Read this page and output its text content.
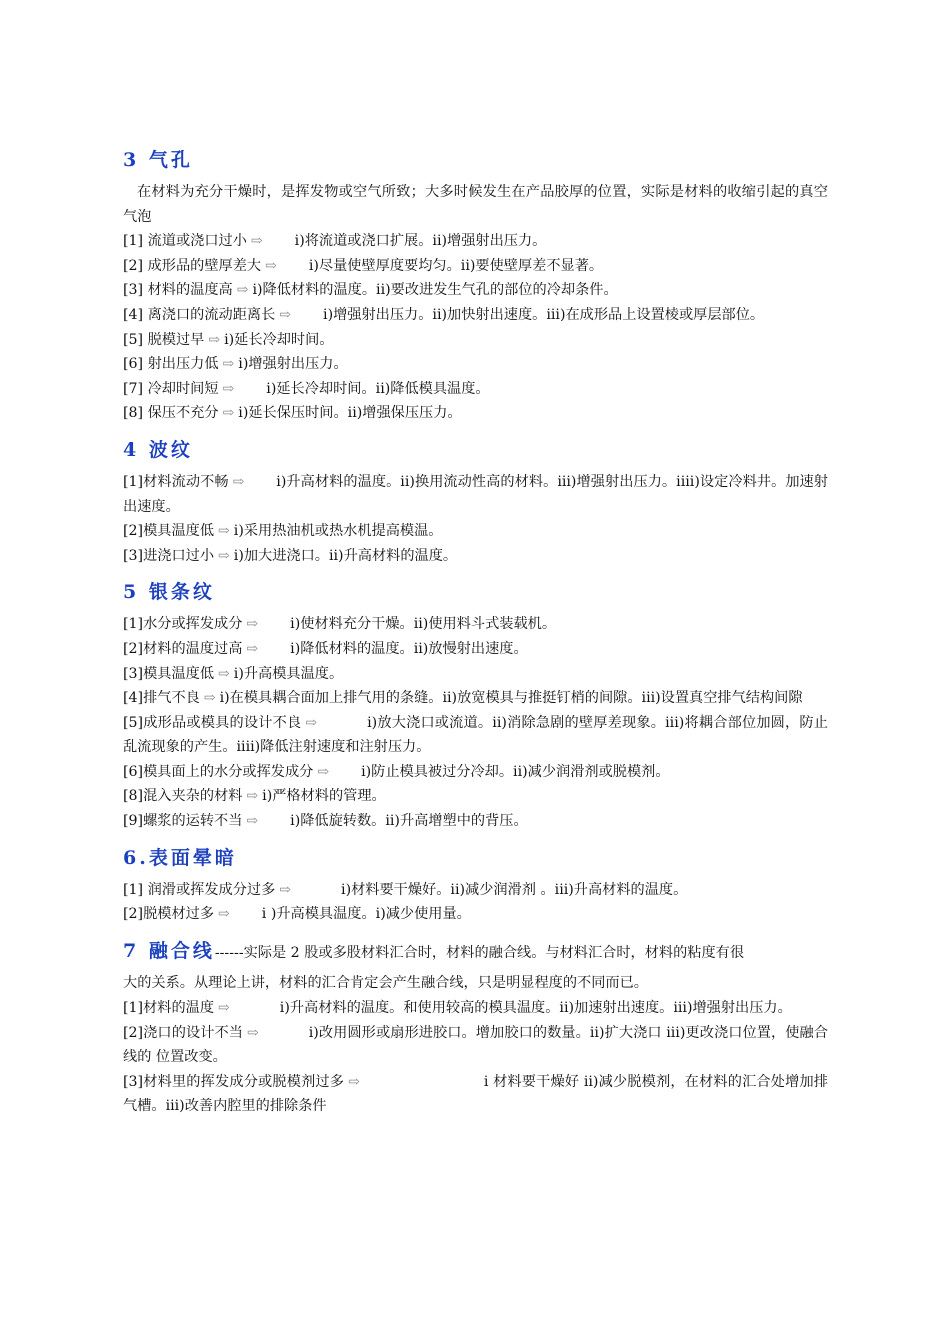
3 气孔

在材料为充分干燥时，是挥发物或空气所致；大多时候发生在产品胶厚的位置，实际是材料的收缩引起的真空气泡

[1] 流道或浇口过小 ⇨ i)将流道或浇口扩展。ii)增强射出压力。

[2] 成形品的壁厚差大 ⇨ i)尽量使壁厚度要均匀。ii)要使壁厚差不显著。

[3] 材料的温度高 ⇨ i)降低材料的温度。ii)要改进发生气孔的部位的冷却条件。

[4] 离浇口的流动距离长 ⇨ i)增强射出压力。ii)加快射出速度。iii)在成形品上设置棱或厚层部位。

[5] 脱模过早 ⇨ i)延长冷却时间。

[6] 射出压力低 ⇨ i)增强射出压力。

[7] 冷却时间短 ⇨ i)延长冷却时间。ii)降低模具温度。

[8] 保压不充分 ⇨ i)延长保压时间。ii)增强保压压力。

4 波纹

[1]材料流动不畅 ⇨ i)升高材料的温度。ii)换用流动性高的材料。iii)增强射出压力。iiii)设定冷料井。加速射出速度。

[2]模具温度低 ⇨ i)采用热油机或热水机提高模温。

[3]进浇口过小 ⇨ i)加大进浇口。ii)升高材料的温度。

5 银条纹

[1]水分或挥发成分 ⇨ i)使材料充分干燥。ii)使用料斗式装载机。

[2]材料的温度过高 ⇨ i)降低材料的温度。ii)放慢射出速度。

[3]模具温度低 ⇨ i)升高模具温度。

[4]排气不良 ⇨ i)在模具耦合面加上排气用的条缝。ii)放宽模具与推挺钉梢的间隙。iii)设置真空排气结构间隙

[5]成形品或模具的设计不良 ⇨	i)放大浇口或流道。ii)消除急剧的壁厚差现象。iii)将耦合部位加圆，防止乱流现象的产生。iiii)降低注射速度和注射压力。

[6]模具面上的水分或挥发成分 ⇨ i)防止模具被过分冷却。ii)减少润滑剂或脱模剂。

[8]混入夹杂的材料 ⇨ i)严格材料的管理。

[9]螺浆的运转不当 ⇨ i)降低旋转数。ii)升高增塑中的背压。

6.表面晕暗

[1] 润滑或挥发成分过多 ⇨	i)材料要干燥好。ii)减少润滑剂 。iii)升高材料的温度。

[2]脱模材过多 ⇨ i )升高模具温度。i)减少使用量。

7 融合线------实际是 2 股或多股材料汇合时，材料的融合线。与材料汇合时，材料的粘度有很

大的关系。从理论上讲，材料的汇合肯定会产生融合线，只是明显程度的不同而已。

[1]材料的温度 ⇨	i)升高材料的温度。和使用较高的模具温度。ii)加速射出速度。iii)增强射出压力。

[2]浇口的设计不当 ⇨	i)改用圆形或扇形进胶口。增加胶口的数量。ii)扩大浇口 iii)更改浇口位置，使融合线的 位置改变。

[3]材料里的挥发成分或脱模剂过多 ⇨	i 材料要干燥好 ii)减少脱模剂，在材料的汇合处增加排气槽。iii)改善内腔里的排除条件
